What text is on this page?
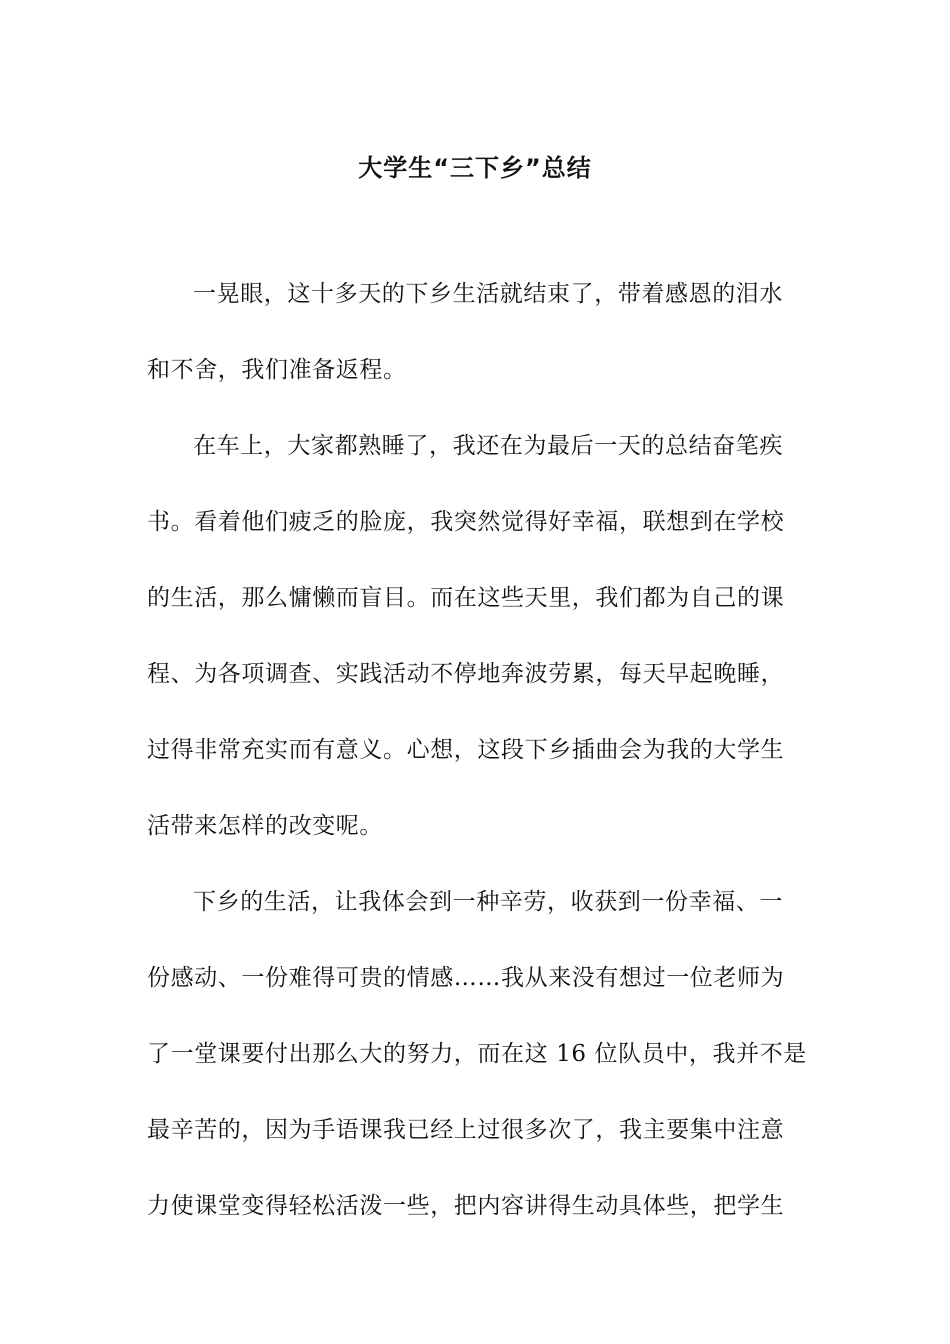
大学生“三下乡”总结

一晃眼，这十多天的下乡生活就结束了，带着感恩的泪水
和不舍，我们准备返程。

在车上，大家都熟睡了，我还在为最后一天的总结奋笔疾
书。看着他们疲乏的脸庞，我突然觉得好幸福，联想到在学校
的生活，那么慵懒而盲目。而在这些天里，我们都为自己的课
程、为各项调查、实践活动不停地奔波劳累，每天早起晚睡，
过得非常充实而有意义。心想，这段下乡插曲会为我的大学生
活带来怎样的改变呢。

下乡的生活，让我体会到一种辛劳，收获到一份幸福、一
份感动、一份难得可贵的情感……我从来没有想过一位老师为
了一堂课要付出那么大的努力，而在这 16 位队员中，我并不是
最辛苦的，因为手语课我已经上过很多次了，我主要集中注意
力使课堂变得轻松活泼一些，把内容讲得生动具体些，把学生
